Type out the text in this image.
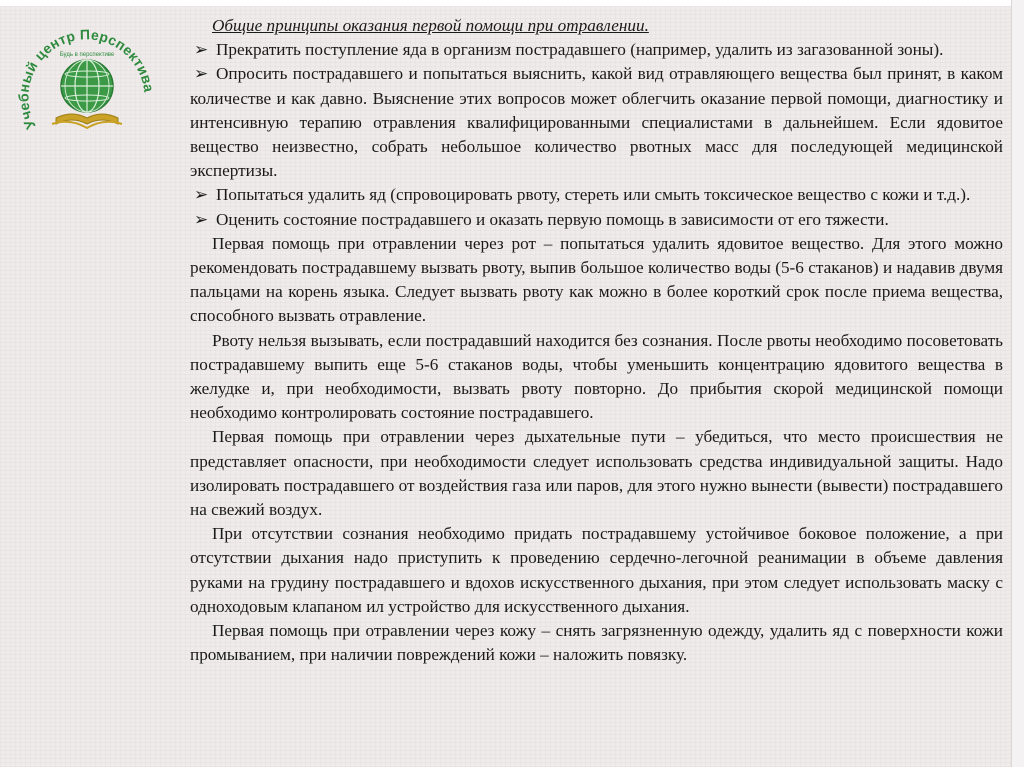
Учебный центр Перспектива
Будь в перспективе

Общие принципы оказания первой помощи при отравлении.

➢ Прекратить поступление яда в организм пострадавшего (например, удалить из загазованной зоны).

➢ Опросить пострадавшего и попытаться выяснить, какой вид отравляющего вещества был принят, в каком количестве и как давно. Выяснение этих вопросов может облегчить оказание первой помощи, диагностику и интенсивную терапию отравления квалифицированными специалистами в дальнейшем. Если ядовитое вещество неизвестно, собрать небольшое количество рвотных масс для последующей медицинской экспертизы.

➢ Попытаться удалить яд (спровоцировать рвоту, стереть или смыть токсическое вещество с кожи и т.д.).

➢ Оценить состояние пострадавшего и оказать первую помощь в зависимости от его тяжести.

Первая помощь при отравлении через рот – попытаться удалить ядовитое вещество. Для этого можно рекомендовать пострадавшему вызвать рвоту, выпив большое количество воды (5-6 стаканов) и надавив двумя пальцами на корень языка. Следует вызвать рвоту как можно в более короткий срок после приема вещества, способного вызвать отравление.

Рвоту нельзя вызывать, если пострадавший находится без сознания. После рвоты необходимо посоветовать пострадавшему выпить еще 5-6 стаканов воды, чтобы уменьшить концентрацию ядовитого вещества в желудке и, при необходимости, вызвать рвоту повторно. До прибытия скорой медицинской помощи необходимо контролировать состояние пострадавшего.

Первая помощь при отравлении через дыхательные пути – убедиться, что место происшествия не представляет опасности, при необходимости следует использовать средства индивидуальной защиты. Надо изолировать пострадавшего от воздействия газа или паров, для этого нужно вынести (вывести) пострадавшего на свежий воздух.

При отсутствии сознания необходимо придать пострадавшему устойчивое боковое положение, а при отсутствии дыхания надо приступить к проведению сердечно-легочной реанимации в объеме давления руками на грудину пострадавшего и вдохов искусственного дыхания, при этом следует использовать маску с одноходовым клапаном ил устройство для искусственного дыхания.

Первая помощь при отравлении через кожу – снять загрязненную одежду, удалить яд с поверхности кожи промыванием, при наличии повреждений кожи – наложить повязку.
